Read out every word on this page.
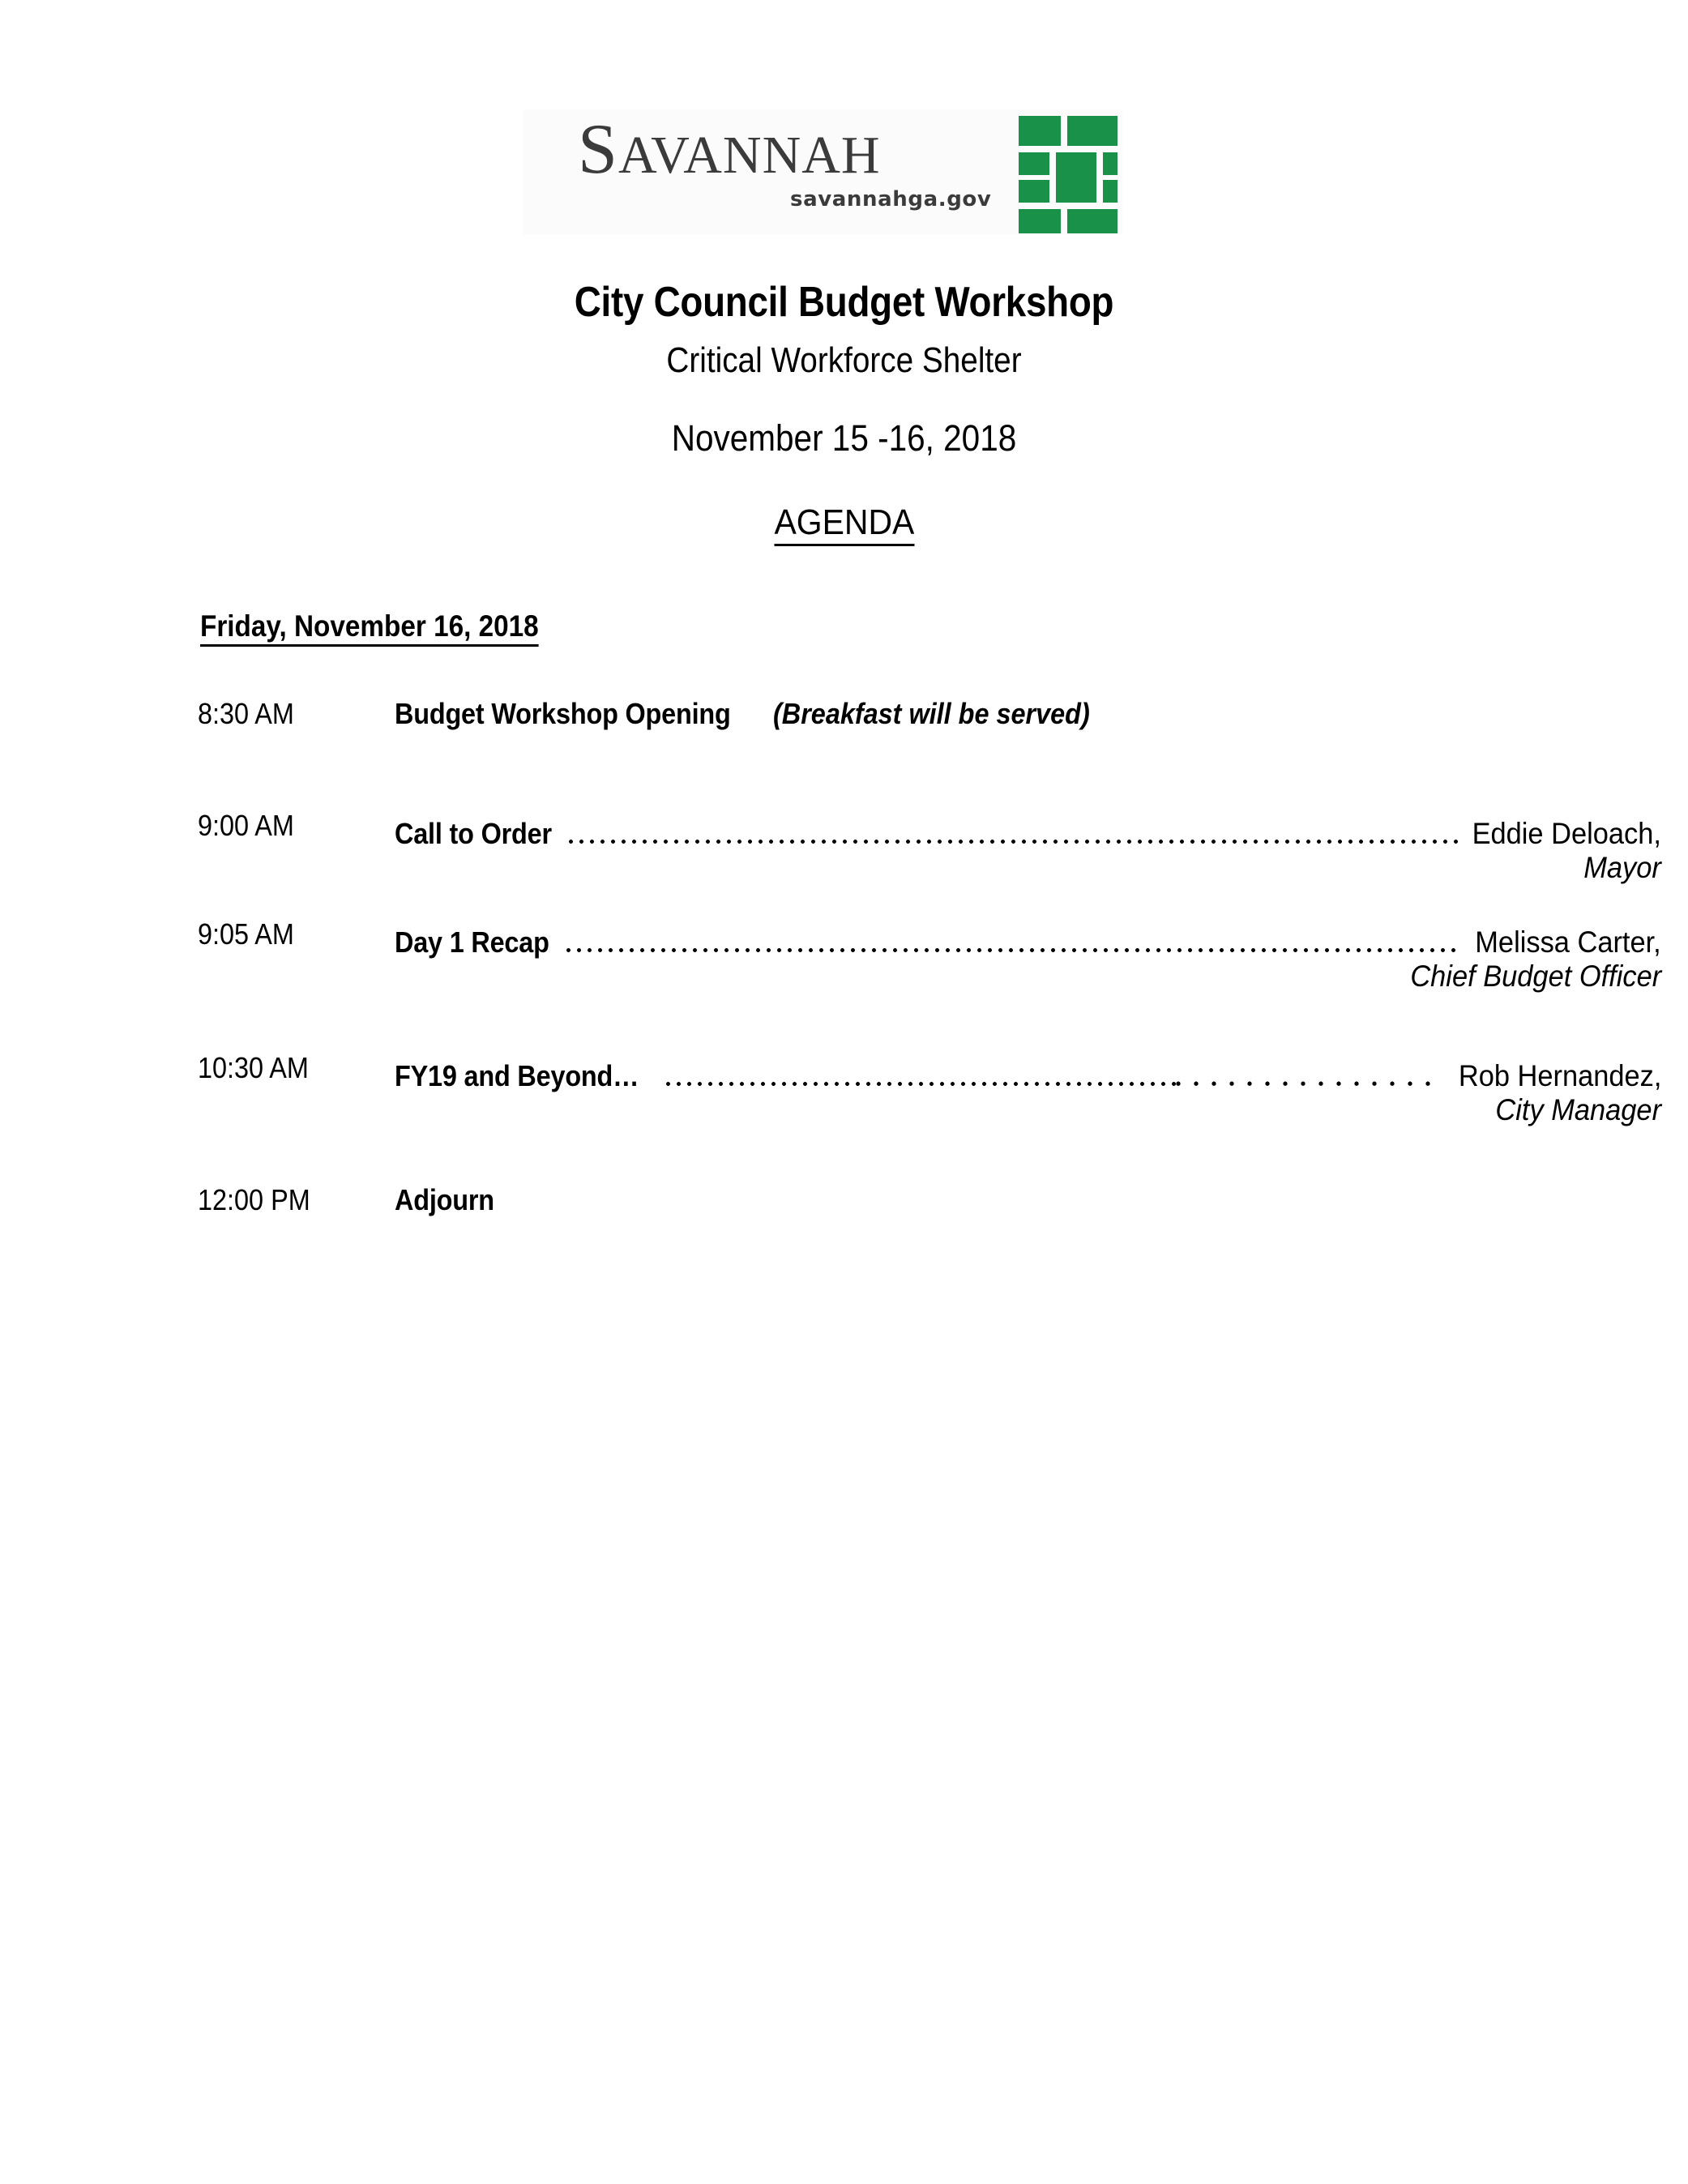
SAVANNAH
savannahga.gov
City Council Budget Workshop
Critical Workforce Shelter
November 15 -16, 2018
AGENDA
Friday, November 16, 2018
8:30 AM	Budget Workshop Opening (Breakfast will be served)
9:00 AM	Call to Order	Eddie Deloach,
Mayor
9:05 AM	Day 1 Recap	Melissa Carter,
Chief Budget Officer
10:30 AM	FY19 and Beyond…	Rob Hernandez,
City Manager
12:00 PM	Adjourn
